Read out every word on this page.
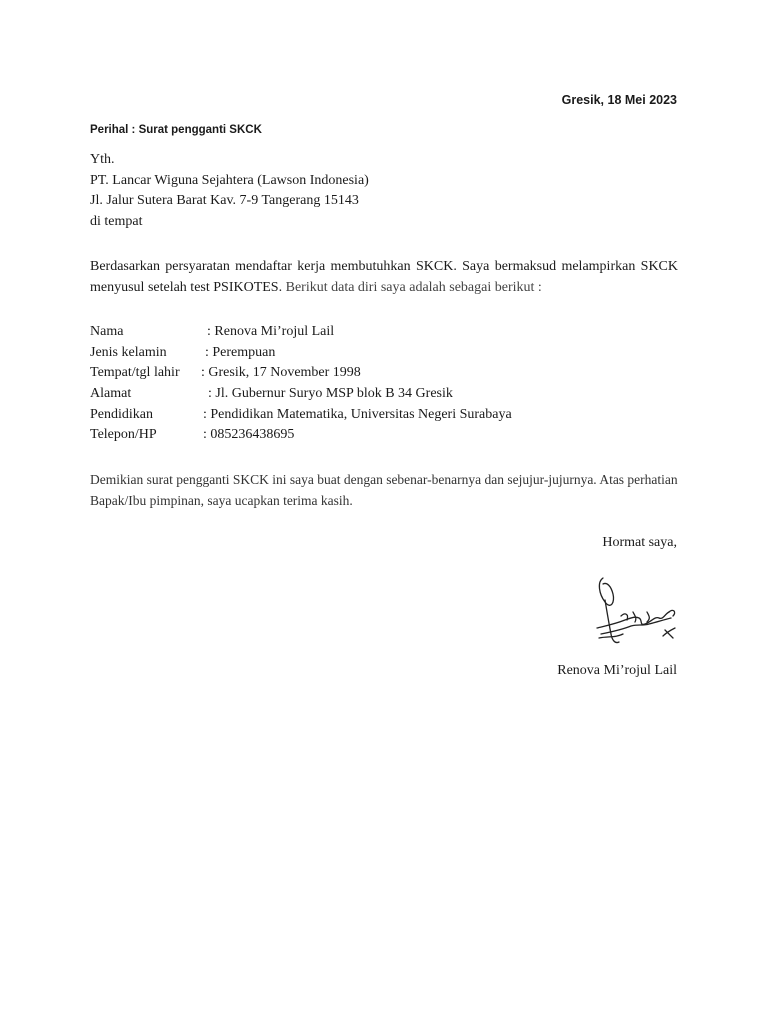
Gresik, 18 Mei 2023
Perihal : Surat pengganti SKCK
Yth.
PT. Lancar Wiguna Sejahtera (Lawson Indonesia)
Jl. Jalur Sutera Barat Kav. 7-9 Tangerang 15143
di tempat
Berdasarkan persyaratan mendaftar kerja membutuhkan SKCK. Saya bermaksud melampirkan SKCK menyusul setelah test PSIKOTES. Berikut data diri saya adalah sebagai berikut :
Nama	: Renova Mi’rojul Lail
Jenis kelamin	: Perempuan
Tempat/tgl lahir : Gresik, 17 November 1998
Alamat	: Jl. Gubernur Suryo MSP blok B 34 Gresik
Pendidikan	: Pendidikan Matematika, Universitas Negeri Surabaya
Telepon/HP	: 085236438695
Demikian surat pengganti SKCK ini saya buat dengan sebenar-benarnya dan sejujur-jujurnya. Atas perhatian Bapak/Ibu pimpinan, saya ucapkan terima kasih.
Hormat saya,
Renova Mi’rojul Lail
